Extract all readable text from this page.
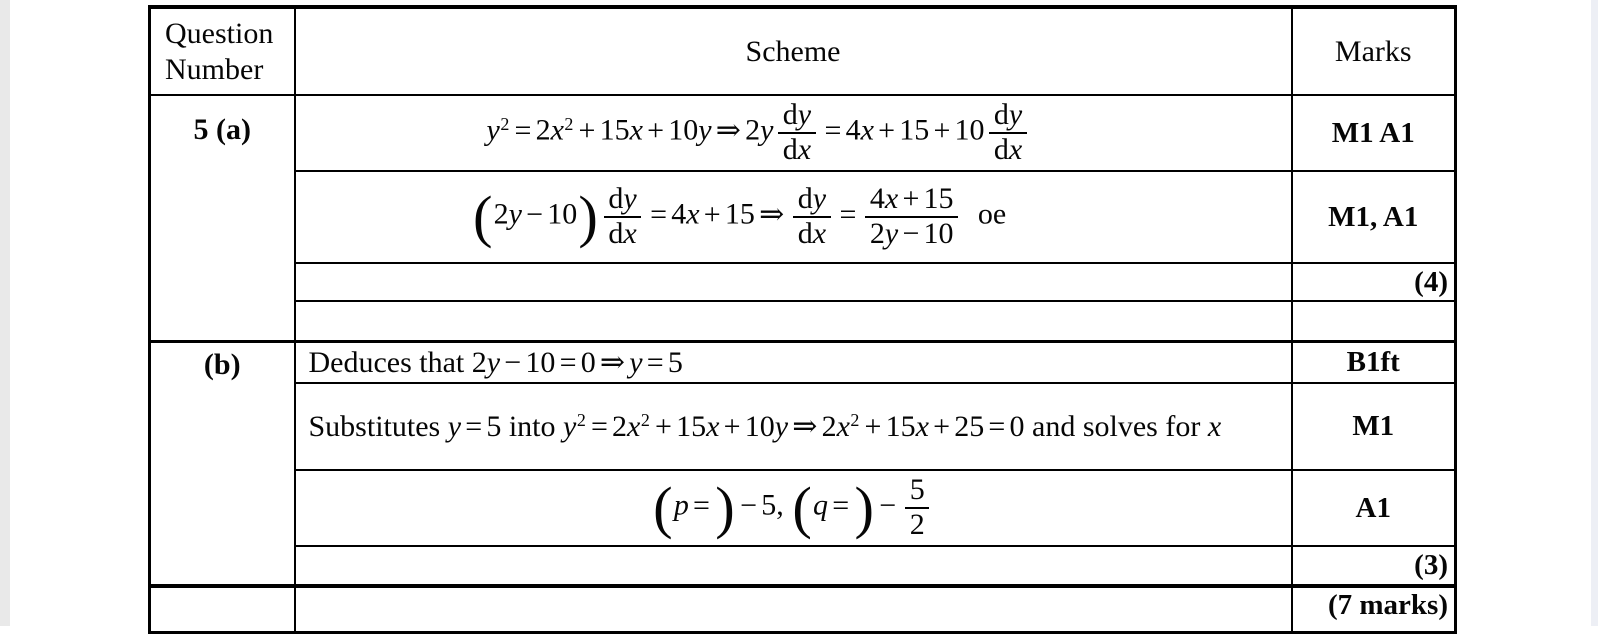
Question Number	Scheme	Marks
5 (a)	$y^2 = 2x^2 + 15x + 10y$ ⇒ $2y \frac{dy}{dx} = 4x + 15 + 10 \frac{dy}{dx}$	M1 A1
$(2y - 10) \frac{dy}{dx} = 4x + 15$ ⇒ $\frac{dy}{dx} = \frac{4x + 15}{2y - 10}$ oe	M1, A1
		(4)

(b)	Deduces that 2y − 10 = 0 ⇒ y = 5	B1ft
	Substitutes y = 5 into $y^2 = 2x^2 + 15x + 10y$ ⇒ $2x^2 + 15x + 25 = 0$ and solves for x	M1
	(p =) − 5, (q =) − $\frac{5}{2}$	A1
		(3)
		(7 marks)
